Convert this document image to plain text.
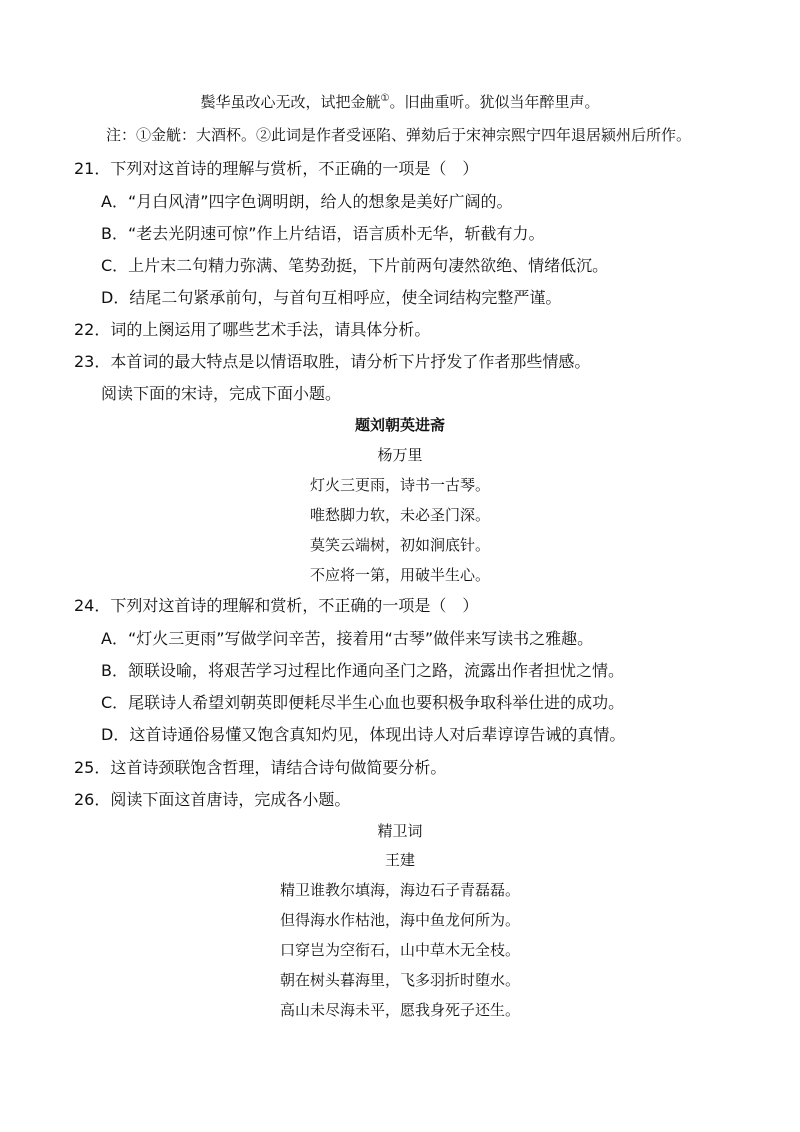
鬓华虽改心无改，试把金觥①。旧曲重听。犹似当年醉里声。
注：①金觥：大酒杯。②此词是作者受诬陷、弹劾后于宋神宗熙宁四年退居颍州后所作。
21．下列对这首诗的理解与赏析，不正确的一项是（　）
A．“月白风清”四字色调明朗，给人的想象是美好广阔的。
B．“老去光阴速可惊”作上片结语，语言质朴无华，斩截有力。
C．上片末二句精力弥满、笔势劲挺，下片前两句凄然欲绝、情绪低沉。
D．结尾二句紧承前句，与首句互相呼应，使全词结构完整严谨。
22．词的上阕运用了哪些艺术手法，请具体分析。
23．本首词的最大特点是以情语取胜，请分析下片抒发了作者那些情感。
阅读下面的宋诗，完成下面小题。
题刘朝英进斋
杨万里
灯火三更雨，诗书一古琴。
唯愁脚力软，未必圣门深。
莫笑云端树，初如涧底针。
不应将一第，用破半生心。
24．下列对这首诗的理解和赏析，不正确的一项是（　）
A．“灯火三更雨”写做学问辛苦，接着用“古琴”做伴来写读书之雅趣。
B．颔联设喻，将艰苦学习过程比作通向圣门之路，流露出作者担忧之情。
C．尾联诗人希望刘朝英即便耗尽半生心血也要积极争取科举仕进的成功。
D．这首诗通俗易懂又饱含真知灼见，体现出诗人对后辈谆谆告诫的真情。
25．这首诗颈联饱含哲理，请结合诗句做简要分析。
26．阅读下面这首唐诗，完成各小题。
精卫词
王建
精卫谁教尔填海，海边石子青磊磊。
但得海水作枯池，海中鱼龙何所为。
口穿岂为空衔石，山中草木无全枝。
朝在树头暮海里，飞多羽折时堕水。
高山未尽海未平，愿我身死子还生。
